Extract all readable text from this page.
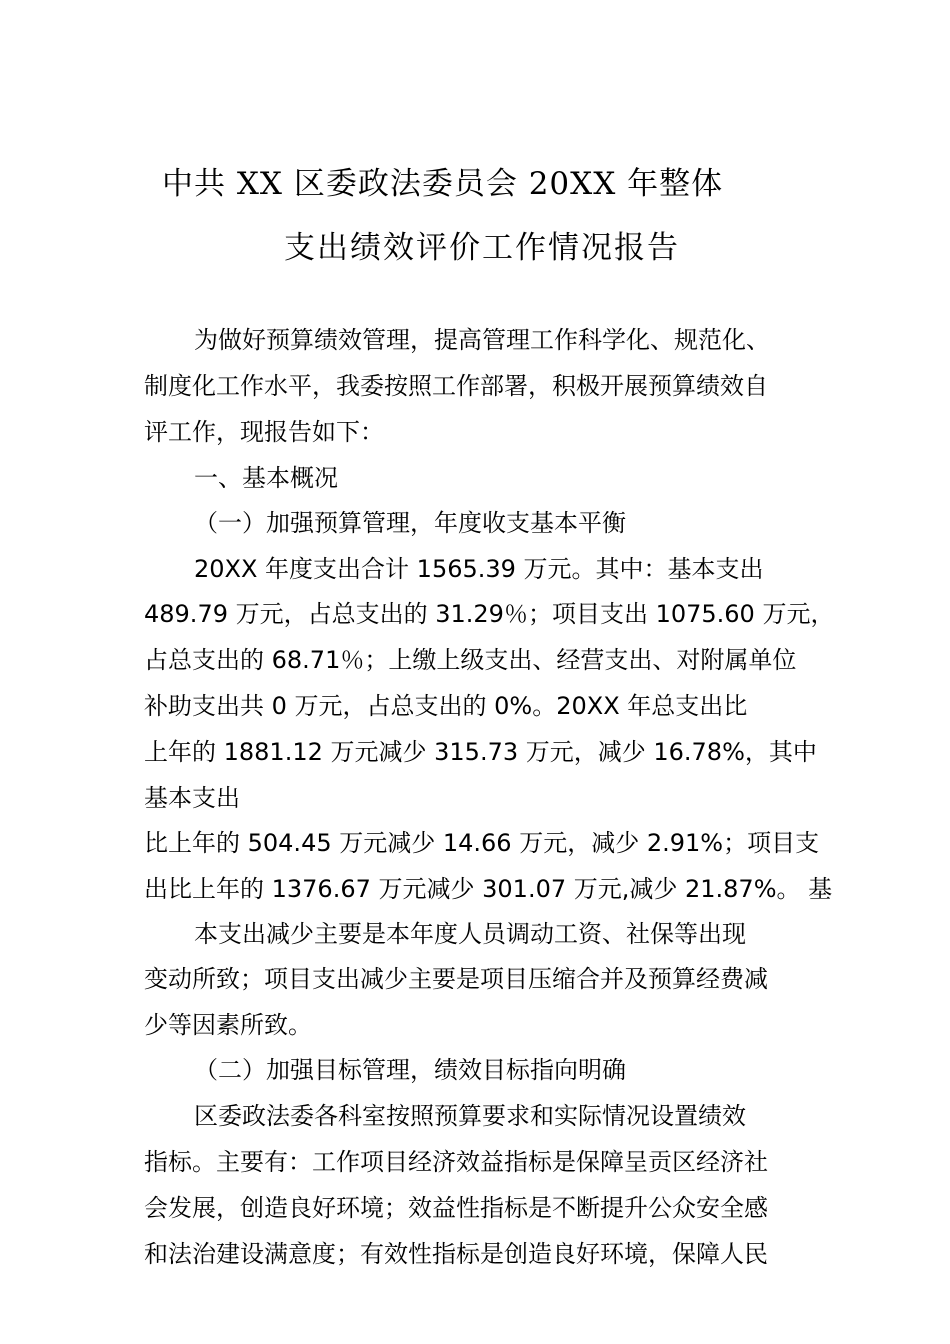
中共 XX 区委政法委员会 20XX 年整体
支出绩效评价工作情况报告
为做好预算绩效管理，提高管理工作科学化、规范化、
制度化工作水平，我委按照工作部署，积极开展预算绩效自
评工作，现报告如下：
一、基本概况
（一）加强预算管理，年度收支基本平衡
20XX 年度支出合计 1565.39 万元。其中：基本支出
489.79 万元，占总支出的 31.29％；项目支出 1075.60 万元，
占总支出的 68.71％；上缴上级支出、经营支出、对附属单位
补助支出共 0 万元，占总支出的 0%。20XX 年总支出比
上年的 1881.12 万元减少 315.73 万元，减少 16.78%，其中
基本支出
比上年的 504.45 万元减少 14.66 万元，减少 2.91%；项目支
出比上年的 1376.67 万元减少 301.07 万元,减少 21.87%。 基
本支出减少主要是本年度人员调动工资、社保等出现
变动所致；项目支出减少主要是项目压缩合并及预算经费减
少等因素所致。
（二）加强目标管理，绩效目标指向明确
区委政法委各科室按照预算要求和实际情况设置绩效
指标。主要有：工作项目经济效益指标是保障呈贡区经济社
会发展，创造良好环境；效益性指标是不断提升公众安全感
和法治建设满意度；有效性指标是创造良好环境，保障人民
